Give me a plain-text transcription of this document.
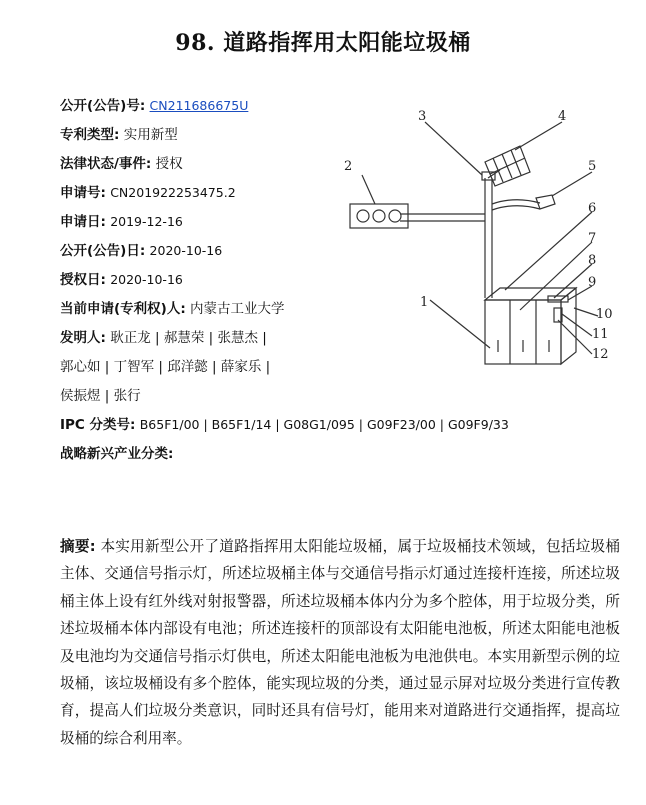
98. 道路指挥用太阳能垃圾桶
公开(公告)号: CN211686675U
专利类型: 实用新型
法律状态/事件: 授权
申请号: CN201922253475.2
申请日: 2019-12-16
公开(公告)日: 2020-10-16
授权日: 2020-10-16
当前申请(专利权)人: 内蒙古工业大学
发明人: 耿正龙 | 郝慧荣 | 张慧杰 |
郭心如 | 丁智军 | 邱洋懿 | 薛家乐 |
侯振煜 | 张行
IPC 分类号: B65F1/00 | B65F1/14 | G08G1/095 | G09F23/00 | G09F9/33
战略新兴产业分类:
1
2
3	4
5
6
7
8
9
10
11
12
摘要: 本实用新型公开了道路指挥用太阳能垃圾桶，属于垃圾桶技术领域，包括垃圾桶主体、交通信号指示灯，所述垃圾桶主体与交通信号指示灯通过连接杆连接，所述垃圾桶主体上设有红外线对射报警器，所述垃圾桶本体内分为多个腔体，用于垃圾分类，所述垃圾桶本体内部设有电池；所述连接杆的顶部设有太阳能电池板，所述太阳能电池板及电池均为交通信号指示灯供电，所述太阳能电池板为电池供电。本实用新型示例的垃圾桶，该垃圾桶设有多个腔体，能实现垃圾的分类，通过显示屏对垃圾分类进行宣传教育，提高人们垃圾分类意识，同时还具有信号灯，能用来对道路进行交通指挥，提高垃圾桶的综合利用率。
